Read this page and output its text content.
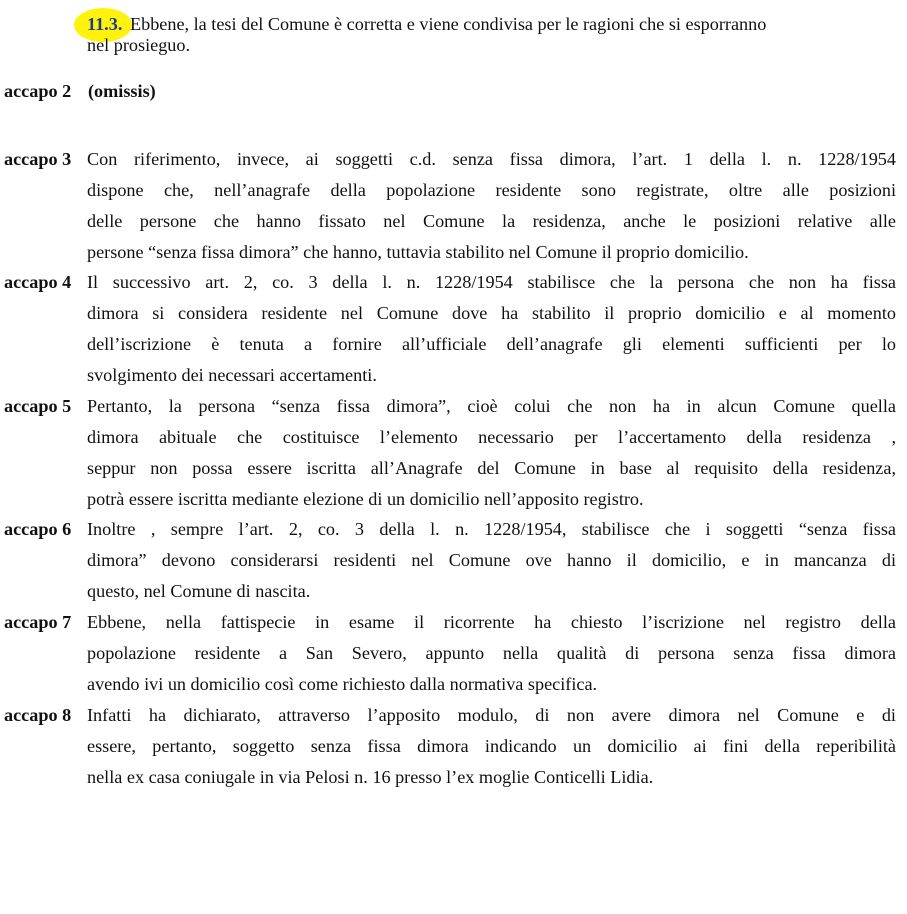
11.3. Ebbene, la tesi del Comune è corretta e viene condivisa per le ragioni che si esporranno
nel prosieguo.
accapo 2 (omissis)
accapo 3 Con riferimento, invece, ai soggetti c.d. senza fissa dimora, l’art. 1 della l. n. 1228/1954
dispone che, nell’anagrafe della popolazione residente sono registrate, oltre alle posizioni
delle persone che hanno fissato nel Comune la residenza, anche le posizioni relative alle
persone “senza fissa dimora” che hanno, tuttavia stabilito nel Comune il proprio domicilio.
accapo 4 Il successivo art. 2, co. 3 della l. n. 1228/1954 stabilisce che la persona che non ha fissa
dimora si considera residente nel Comune dove ha stabilito il proprio domicilio e al momento
dell’iscrizione è tenuta a fornire all’ufficiale dell’anagrafe gli elementi sufficienti per lo
svolgimento dei necessari accertamenti.
accapo 5 Pertanto, la persona “senza fissa dimora”, cioè colui che non ha in alcun Comune quella
dimora abituale che costituisce l’elemento necessario per l’accertamento della residenza ,
seppur non possa essere iscritta all’Anagrafe del Comune in base al requisito della residenza,
potrà essere iscritta mediante elezione di un domicilio nell’apposito registro.
accapo 6 Inoltre , sempre l’art. 2, co. 3 della l. n. 1228/1954, stabilisce che i soggetti “senza fissa
dimora” devono considerarsi residenti nel Comune ove hanno il domicilio, e in mancanza di
questo, nel Comune di nascita.
accapo 7 Ebbene, nella fattispecie in esame il ricorrente ha chiesto l’iscrizione nel registro della
popolazione residente a San Severo, appunto nella qualità di persona senza fissa dimora
avendo ivi un domicilio così come richiesto dalla normativa specifica.
accapo 8 Infatti ha dichiarato, attraverso l’apposito modulo, di non avere dimora nel Comune e di
essere, pertanto, soggetto senza fissa dimora indicando un domicilio ai fini della reperibilità
nella ex casa coniugale in via Pelosi n. 16 presso l’ex moglie Conticelli Lidia.
